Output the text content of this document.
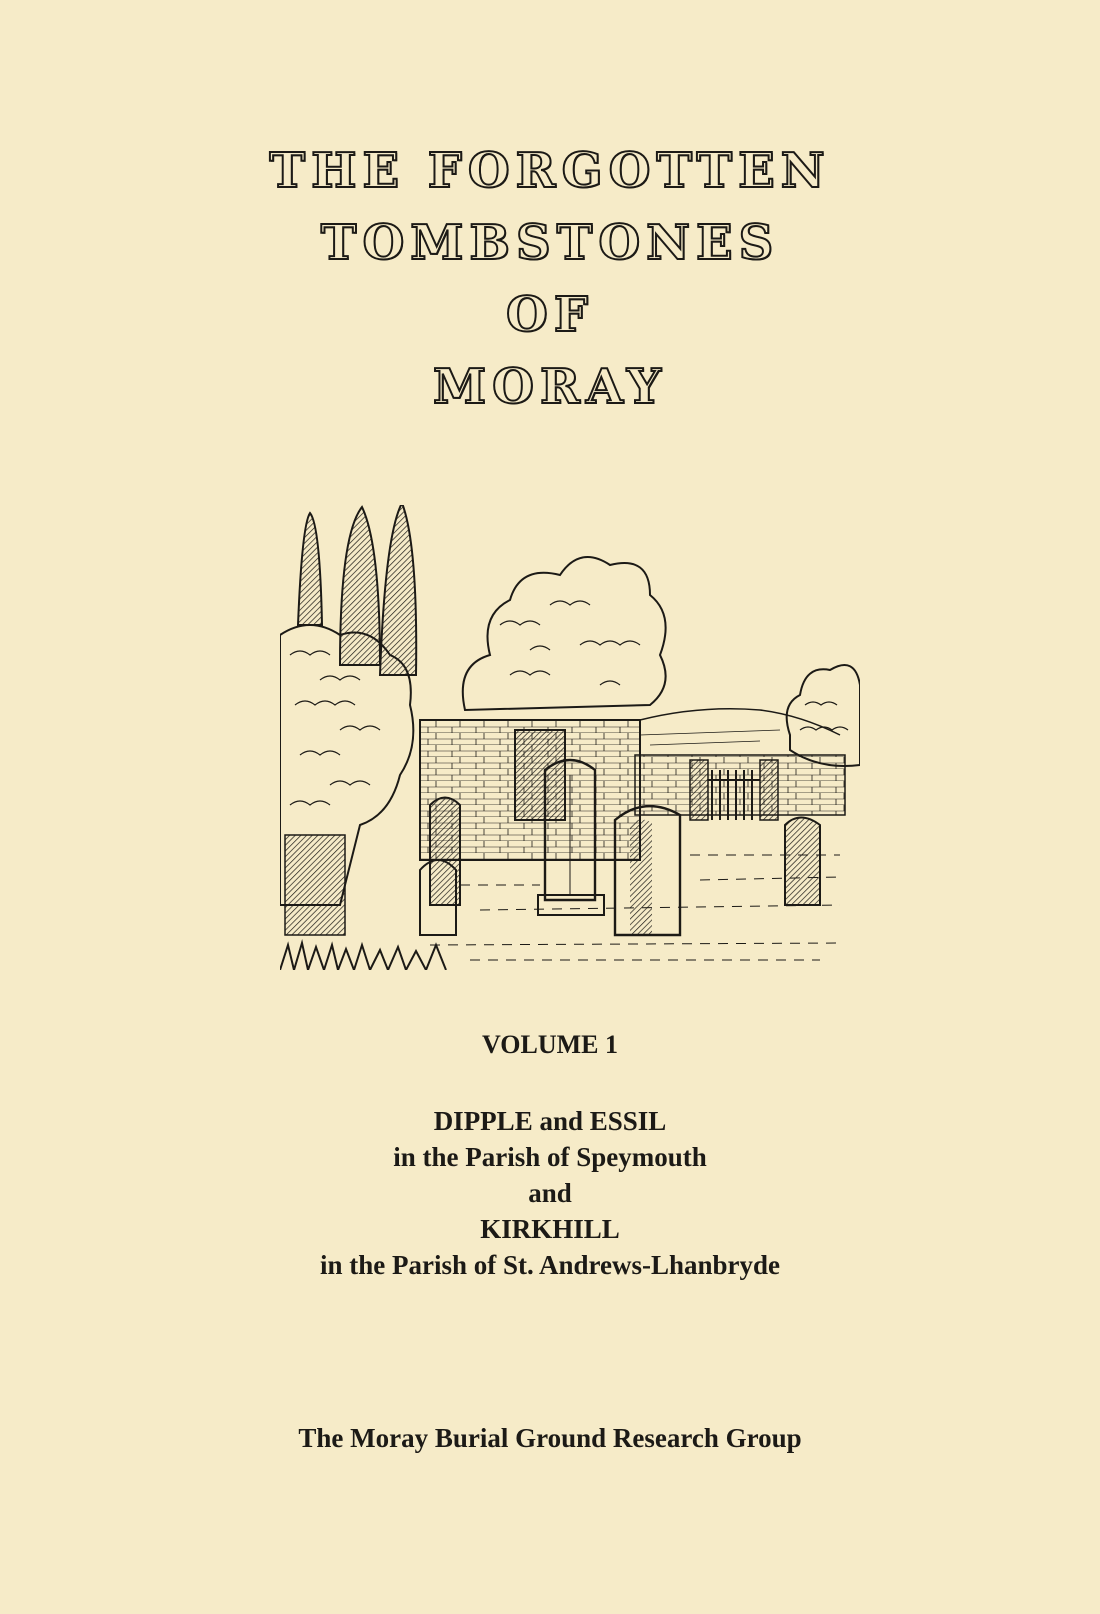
THE FORGOTTEN
TOMBSTONES
OF
MORAY
VOLUME 1
DIPPLE and ESSIL
in the Parish of Speymouth
and
KIRKHILL
in the Parish of St. Andrews-Lhanbryde
The Moray Burial Ground Research Group
